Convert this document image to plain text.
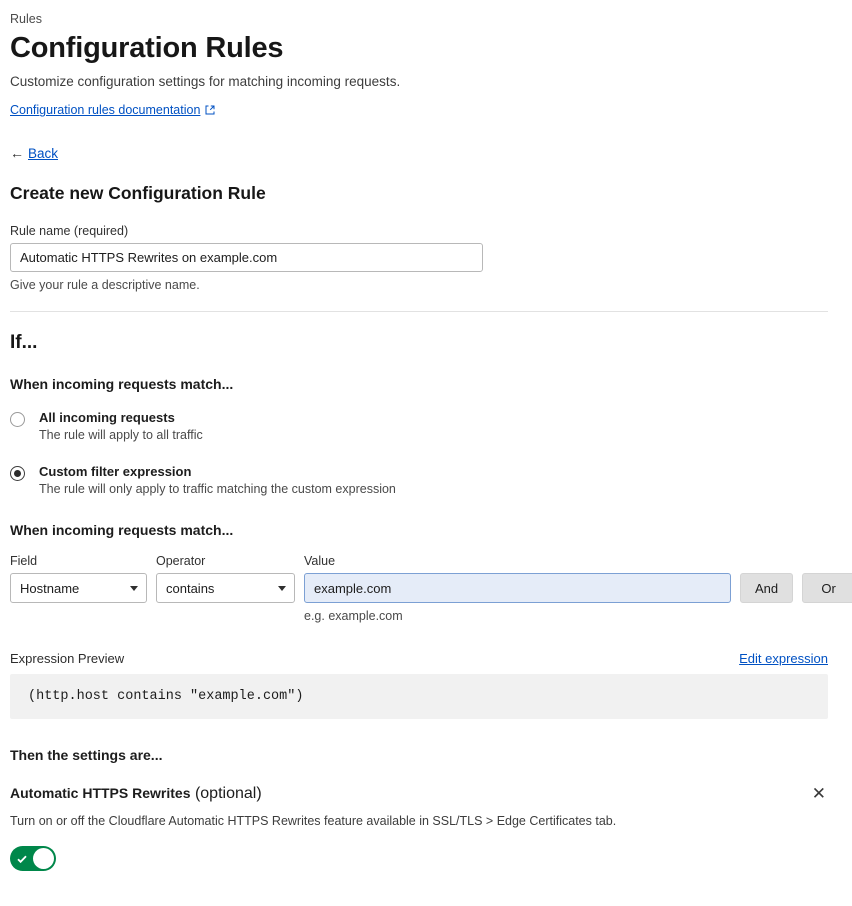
Rules
Configuration Rules

Customize configuration settings for matching incoming requests.

Configuration rules documentation
← Back
Create new Configuration Rule
Rule name (required)
Automatic HTTPS Rewrites on example.com
Give your rule a descriptive name.
If...
When incoming requests match...
All incoming requests
The rule will apply to all traffic
Custom filter expression
The rule will only apply to traffic matching the custom expression
When incoming requests match...
Field
Hostname
Operator
contains
Value
example.com
e.g. example.com

And
	Or
Expression Preview	Edit expression
(http.host contains "example.com")
Then the settings are...
Automatic HTTPS Rewrites (optional)	✕
Turn on or off the Cloudflare Automatic HTTPS Rewrites feature available in SSL/TLS > Edge Certificates tab.
